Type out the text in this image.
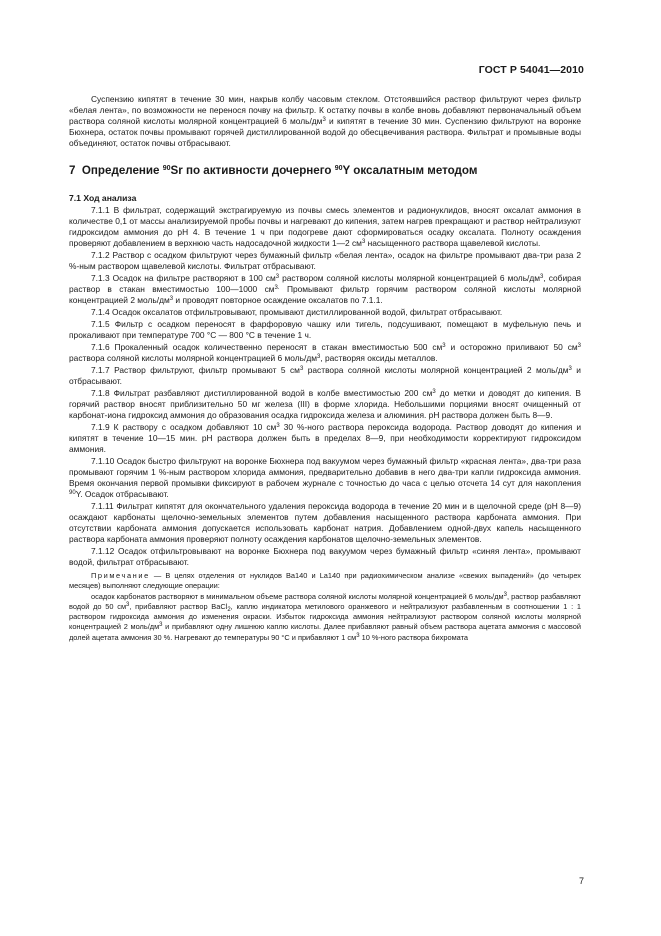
ГОСТ Р 54041—2010

Суспензию кипятят в течение 30 мин, накрыв колбу часовым стеклом. Отстоявшийся раствор фильтруют через фильтр «белая лента», по возможности не перенося почву на фильтр. К остатку почвы в колбе вновь добавляют первоначальный объем раствора соляной кислоты молярной концентрацией 6 моль/$дм^3$ и кипятят в течение 30 мин. Суспензию фильтруют на воронке Бюхнера, остаток почвы промывают горячей дистиллированной водой до обесцвечивания раствора. Фильтрат и промывные воды объединяют, остаток почвы отбрасывают.

7 Определение $^{90}$Sr по активности дочернего $^{90}$Y оксалатным методом
7.1 Ход анализа

7.1.1 В фильтрат, содержащий экстрагируемую из почвы смесь элементов и радионуклидов, вносят оксалат аммония в количестве 0,1 от массы анализируемой пробы почвы и нагревают до кипения, затем нагрев прекращают и раствор нейтрализуют гидроксидом аммония до pH 4. В течение 1 ч при подогреве дают сформироваться осадку оксалата. Полноту осаждения проверяют добавлением в верхнюю часть надосадочной жидкости 1—2 $см^3$ насыщенного раствора щавелевой кислоты.

7.1.2 Раствор с осадком фильтруют через бумажный фильтр «белая лента», осадок на фильтре промывают два-три раза 2 %-ным раствором щавелевой кислоты. Фильтрат отбрасывают.

7.1.3 Осадок на фильтре растворяют в 100 $см^3$ раствором соляной кислоты молярной концентрацией 6 моль/$дм^3$, собирая раствор в стакан вместимостью 100—1000 $см^{3.}$ Промывают фильтр горячим раствором соляной кислоты молярной концентрацией 2 моль/$дм^3$ и проводят повторное осаждение оксалатов по 7.1.1.

7.1.4 Осадок оксалатов отфильтровывают, промывают дистиллированной водой, фильтрат отбрасывают.

7.1.5 Фильтр с осадком переносят в фарфоровую чашку или тигель, подсушивают, помещают в муфельную печь и прокаливают при температуре 700 °С — 800 °С в течение 1 ч.

7.1.6 Прокаленный осадок количественно переносят в стакан вместимостью 500 $см^3$ и осторожно приливают 50 $см^3$ раствора соляной кислоты молярной концентрацией 6 моль/$дм^3$, растворяя оксиды металлов.

7.1.7 Раствор фильтруют, фильтр промывают 5 $см^3$ раствора соляной кислоты молярной концентрацией 2 моль/$дм^3$ и отбрасывают.

7.1.8 Фильтрат разбавляют дистиллированной водой в колбе вместимостью 200 $см^3$ до метки и доводят до кипения. В горячий раствор вносят приблизительно 50 мг железа (III) в форме хлорида. Небольшими порциями вносят очищенный от карбонат-иона гидроксид аммония до образования осадка гидроксида железа и алюминия. pH раствора должен быть 8—9.

7.1.9 К раствору с осадком добавляют 10 $см^3$ 30 %-ного раствора пероксида водорода. Раствор доводят до кипения и кипятят в течение 10—15 мин. pH раствора должен быть в пределах 8—9, при необходимости корректируют гидроксидом аммония.

7.1.10 Осадок быстро фильтруют на воронке Бюхнера под вакуумом через бумажный фильтр «красная лента», два-три раза промывают горячим 1 %-ным раствором хлорида аммония, предварительно добавив в него два-три капли гидроксида аммония. Время окончания первой промывки фиксируют в рабочем журнале с точностью до часа с целью отсчета 14 сут для накопления $^{90}$Y. Осадок отбрасывают.

7.1.11 Фильтрат кипятят для окончательного удаления пероксида водорода в течение 20 мин и в щелочной среде (pH 8—9) осаждают карбонаты щелочно-земельных элементов путем добавления насыщенного раствора карбоната аммония. При отсутствии карбоната аммония допускается использовать карбонат натрия. Добавлением одной-двух капель насыщенного раствора карбоната аммония проверяют полноту осаждения карбонатов щелочно-земельных элементов.

7.1.12 Осадок отфильтровывают на воронке Бюхнера под вакуумом через бумажный фильтр «синяя лента», промывают водой, фильтрат отбрасывают.

Примечание — В целях отделения от нуклидов Ba140 и La140 при радиохимическом анализе «свежих выпадений» (до четырех месяцев) выполняют следующие операции:

осадок карбонатов растворяют в минимальном объеме раствора соляной кислоты молярной концентрацией 6 моль/$дм^3$, раствор разбавляют водой до 50 $см^3$, прибавляют раствор BaCl$_2$, каплю индикатора метилового оранжевого и нейтрализуют разбавленным в соотношении 1 : 1 раствором гидроксида аммония до изменения окраски. Избыток гидроксида аммония нейтрализуют раствором соляной кислоты молярной концентрацией 2 моль/$дм^3$ и прибавляют одну лишнюю каплю кислоты. Далее прибавляют равный объем раствора ацетата аммония с массовой долей ацетата аммония 30 %. Нагревают до температуры 90 °С и прибавляют 1 $см^3$ 10 %-ного раствора бихромата

7
